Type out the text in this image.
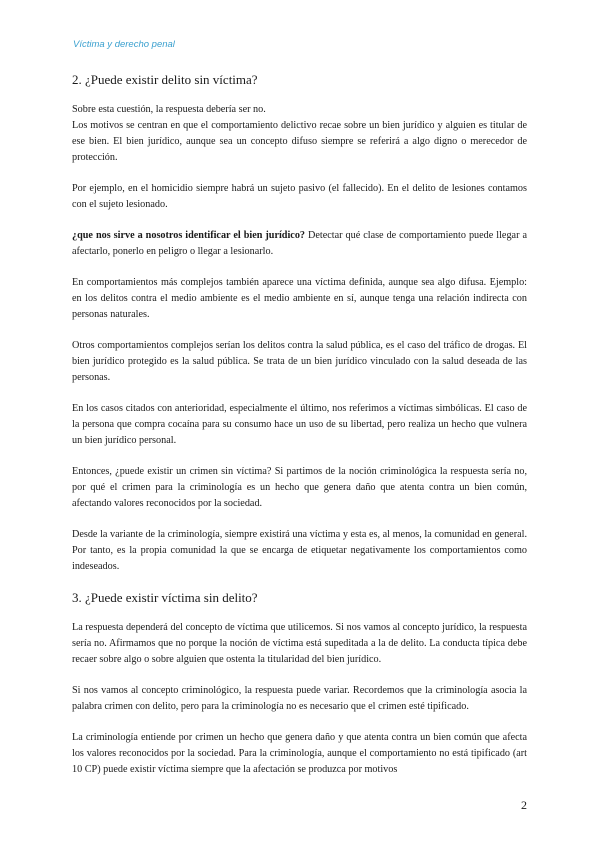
Víctima y derecho penal
2. ¿Puede existir delito sin víctima?

Sobre esta cuestión, la respuesta debería ser no.
Los motivos se centran en que el comportamiento delictivo recae sobre un bien jurídico y alguien es titular de ese bien. El bien jurídico, aunque sea un concepto difuso siempre se referirá a algo digno o merecedor de protección.

Por ejemplo, en el homicidio siempre habrá un sujeto pasivo (el fallecido). En el delito de lesiones contamos con el sujeto lesionado.

¿que nos sirve a nosotros identificar el bien jurídico? Detectar qué clase de comportamiento puede llegar a afectarlo, ponerlo en peligro o llegar a lesionarlo.

En comportamientos más complejos también aparece una víctima definida, aunque sea algo difusa. Ejemplo: en los delitos contra el medio ambiente es el medio ambiente en sí, aunque tenga una relación indirecta con personas naturales.

Otros comportamientos complejos serían los delitos contra la salud pública, es el caso del tráfico de drogas. El bien jurídico protegido es la salud pública. Se trata de un bien jurídico vinculado con la salud deseada de las personas.

En los casos citados con anterioridad, especialmente el último, nos referimos a víctimas simbólicas. El caso de la persona que compra cocaína para su consumo hace un uso de su libertad, pero realiza un hecho que vulnera un bien jurídico personal.

Entonces, ¿puede existir un crimen sin víctima? Si partimos de la noción criminológica la respuesta sería no, por qué el crimen para la criminología es un hecho que genera daño que atenta contra un bien común, afectando valores reconocidos por la sociedad.

Desde la variante de la criminología, siempre existirá una víctima y esta es, al menos, la comunidad en general. Por tanto, es la propia comunidad la que se encarga de etiquetar negativamente los comportamientos como indeseados.

3. ¿Puede existir víctima sin delito?

La respuesta dependerá del concepto de víctima que utilicemos. Si nos vamos al concepto jurídico, la respuesta sería no. Afirmamos que no porque la noción de víctima está supeditada a la de delito. La conducta típica debe recaer sobre algo o sobre alguien que ostenta la titularidad del bien jurídico.

Si nos vamos al concepto criminológico, la respuesta puede variar. Recordemos que la criminología asocia la palabra crimen con delito, pero para la criminología no es necesario que el crimen esté tipificado.

La criminología entiende por crimen un hecho que genera daño y que atenta contra un bien común que afecta los valores reconocidos por la sociedad. Para la criminología, aunque el comportamiento no está tipificado (art 10 CP) puede existir víctima siempre que la afectación se produzca por motivos

2
